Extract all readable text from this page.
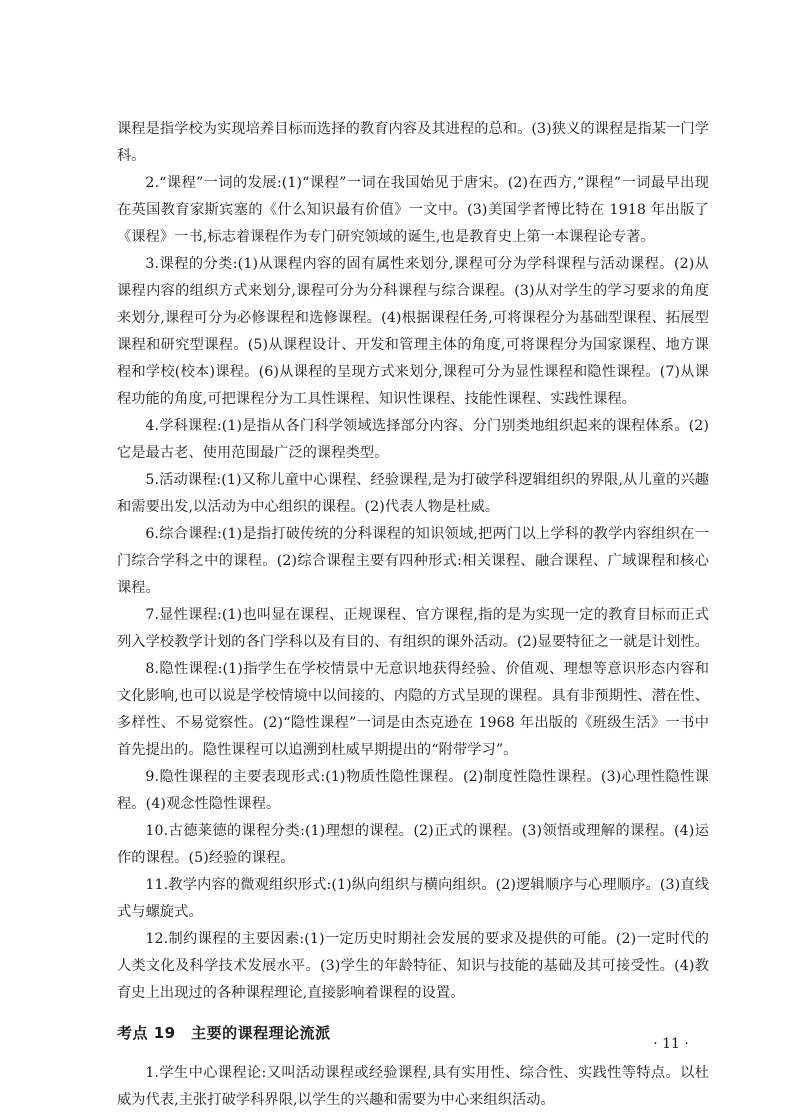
课程是指学校为实现培养目标而选择的教育内容及其进程的总和。(3)狭义的课程是指某一门学科。

2.“课程”一词的发展:(1)“课程”一词在我国始见于唐宋。(2)在西方,“课程”一词最早出现在英国教育家斯宾塞的《什么知识最有价值》一文中。(3)美国学者博比特在 1918 年出版了《课程》一书,标志着课程作为专门研究领域的诞生,也是教育史上第一本课程论专著。

3.课程的分类:(1)从课程内容的固有属性来划分,课程可分为学科课程与活动课程。(2)从课程内容的组织方式来划分,课程可分为分科课程与综合课程。(3)从对学生的学习要求的角度来划分,课程可分为必修课程和选修课程。(4)根据课程任务,可将课程分为基础型课程、拓展型课程和研究型课程。(5)从课程设计、开发和管理主体的角度,可将课程分为国家课程、地方课程和学校(校本)课程。(6)从课程的呈现方式来划分,课程可分为显性课程和隐性课程。(7)从课程功能的角度,可把课程分为工具性课程、知识性课程、技能性课程、实践性课程。

4.学科课程:(1)是指从各门科学领域选择部分内容、分门别类地组织起来的课程体系。(2)它是最古老、使用范围最广泛的课程类型。

5.活动课程:(1)又称儿童中心课程、经验课程,是为打破学科逻辑组织的界限,从儿童的兴趣和需要出发,以活动为中心组织的课程。(2)代表人物是杜威。

6.综合课程:(1)是指打破传统的分科课程的知识领域,把两门以上学科的教学内容组织在一门综合学科之中的课程。(2)综合课程主要有四种形式:相关课程、融合课程、广域课程和核心课程。

7.显性课程:(1)也叫显在课程、正规课程、官方课程,指的是为实现一定的教育目标而正式列入学校教学计划的各门学科以及有目的、有组织的课外活动。(2)显要特征之一就是计划性。

8.隐性课程:(1)指学生在学校情景中无意识地获得经验、价值观、理想等意识形态内容和文化影响,也可以说是学校情境中以间接的、内隐的方式呈现的课程。具有非预期性、潜在性、多样性、不易觉察性。(2)“隐性课程”一词是由杰克逊在 1968 年出版的《班级生活》一书中首先提出的。隐性课程可以追溯到杜威早期提出的“附带学习”。

9.隐性课程的主要表现形式:(1)物质性隐性课程。(2)制度性隐性课程。(3)心理性隐性课程。(4)观念性隐性课程。

10.古德莱德的课程分类:(1)理想的课程。(2)正式的课程。(3)领悟或理解的课程。(4)运作的课程。(5)经验的课程。

11.教学内容的微观组织形式:(1)纵向组织与横向组织。(2)逻辑顺序与心理顺序。(3)直线式与螺旋式。

12.制约课程的主要因素:(1)一定历史时期社会发展的要求及提供的可能。(2)一定时代的人类文化及科学技术发展水平。(3)学生的年龄特征、知识与技能的基础及其可接受性。(4)教育史上出现过的各种课程理论,直接影响着课程的设置。

考点 19　主要的课程理论流派

1.学生中心课程论:又叫活动课程或经验课程,具有实用性、综合性、实践性等特点。以杜威为代表,主张打破学科界限,以学生的兴趣和需要为中心来组织活动。

· 11 ·
